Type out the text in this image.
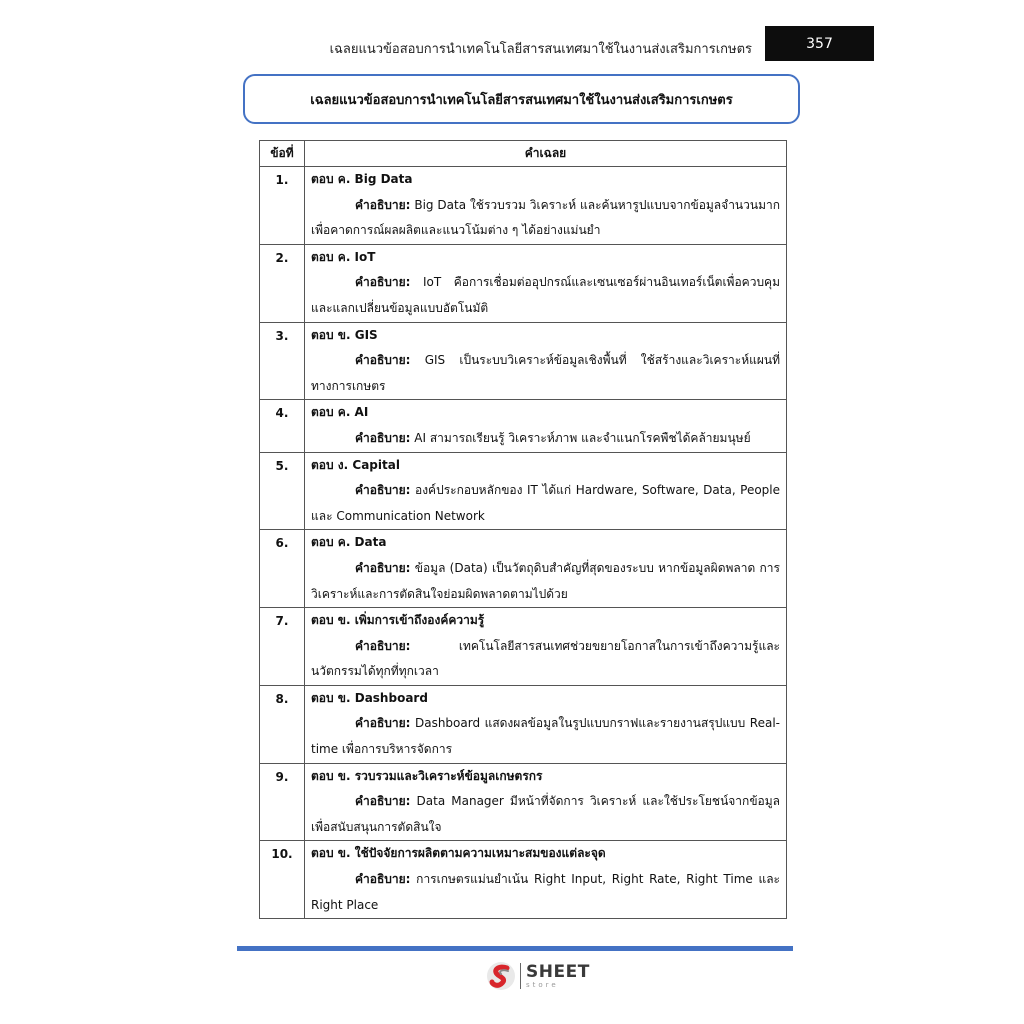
เฉลยแนวข้อสอบการนำเทคโนโลยีสารสนเทศมาใช้ในงานส่งเสริมการเกษตร	357
เฉลยแนวข้อสอบการนำเทคโนโลยีสารสนเทศมาใช้ในงานส่งเสริมการเกษตร
ข้อที่	คำเฉลย
1.	ตอบ ค. Big Data
คำอธิบาย: Big Data ใช้รวบรวม วิเคราะห์ และค้นหารูปแบบจากข้อมูลจำนวนมากเพื่อคาดการณ์ผลผลิตและแนวโน้มต่าง ๆ ได้อย่างแม่นยำ

2.	ตอบ ค. IoT
คำอธิบาย: IoT คือการเชื่อมต่ออุปกรณ์และเซนเซอร์ผ่านอินเทอร์เน็ตเพื่อควบคุมและแลกเปลี่ยนข้อมูลแบบอัตโนมัติ

3.	ตอบ ข. GIS
คำอธิบาย: GIS เป็นระบบวิเคราะห์ข้อมูลเชิงพื้นที่ ใช้สร้างและวิเคราะห์แผนที่ทางการเกษตร

4.	ตอบ ค. AI
คำอธิบาย: AI สามารถเรียนรู้ วิเคราะห์ภาพ และจำแนกโรคพืชได้คล้ายมนุษย์

5.	ตอบ ง. Capital
คำอธิบาย: องค์ประกอบหลักของ IT ได้แก่ Hardware, Software, Data, People และ Communication Network

6.	ตอบ ค. Data
คำอธิบาย: ข้อมูล (Data) เป็นวัตถุดิบสำคัญที่สุดของระบบ หากข้อมูลผิดพลาด การวิเคราะห์และการตัดสินใจย่อมผิดพลาดตามไปด้วย

7.	ตอบ ข. เพิ่มการเข้าถึงองค์ความรู้
คำอธิบาย: เทคโนโลยีสารสนเทศช่วยขยายโอกาสในการเข้าถึงความรู้และนวัตกรรมได้ทุกที่ทุกเวลา

8.	ตอบ ข. Dashboard
คำอธิบาย: Dashboard แสดงผลข้อมูลในรูปแบบกราฟและรายงานสรุปแบบ Real-time เพื่อการบริหารจัดการ

9.	ตอบ ข. รวบรวมและวิเคราะห์ข้อมูลเกษตรกร
คำอธิบาย: Data Manager มีหน้าที่จัดการ วิเคราะห์ และใช้ประโยชน์จากข้อมูลเพื่อสนับสนุนการตัดสินใจ

10.	ตอบ ข. ใช้ปัจจัยการผลิตตามความเหมาะสมของแต่ละจุด
คำอธิบาย: การเกษตรแม่นยำเน้น Right Input, Right Rate, Right Time และ Right Place
SHEET
store
